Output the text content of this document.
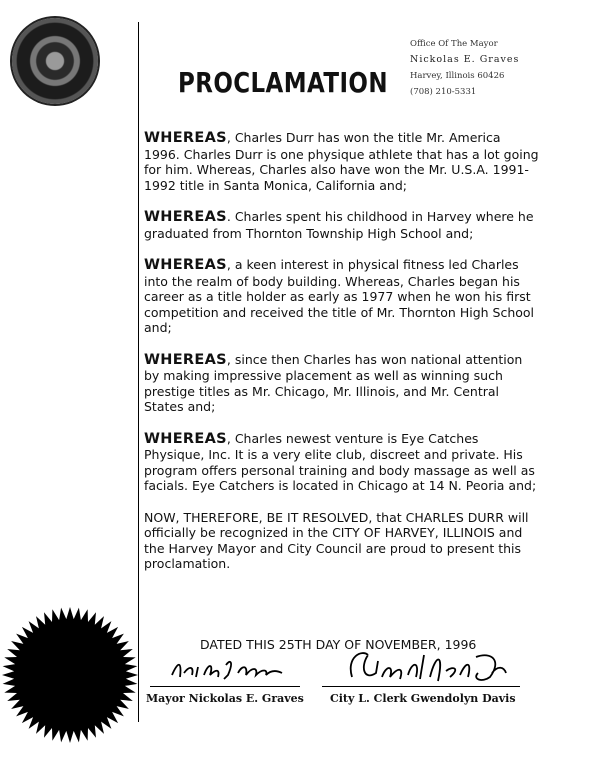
PROCLAMATION
Office Of The Mayor
Nickolas E. Graves
Harvey, Illinois 60426
(708) 210-5331

WHEREAS, Charles Durr has won the title Mr. America 1996. Charles Durr is one physique athlete that has a lot going for him. Whereas, Charles also have won the Mr. U.S.A. 1991-1992 title in Santa Monica, California and;

WHEREAS. Charles spent his childhood in Harvey where he graduated from Thornton Township High School and;

WHEREAS, a keen interest in physical fitness led Charles into the realm of body building. Whereas, Charles began his career as a title holder as early as 1977 when he won his first competition and received the title of Mr. Thornton High School and;

WHEREAS, since then Charles has won national attention by making impressive placement as well as winning such prestige titles as Mr. Chicago, Mr. Illinois, and Mr. Central States and;

WHEREAS, Charles newest venture is Eye Catches Physique, Inc. It is a very elite club, discreet and private. His program offers personal training and body massage as well as facials. Eye Catchers is located in Chicago at 14 N. Peoria and;

NOW, THEREFORE, BE IT RESOLVED, that CHARLES DURR will officially be recognized in the CITY OF HARVEY, ILLINOIS and the Harvey Mayor and City Council are proud to present this proclamation.

DATED THIS 25TH DAY OF NOVEMBER, 1996
Mayor Nickolas E. Graves City L. Clerk Gwendolyn Davis
